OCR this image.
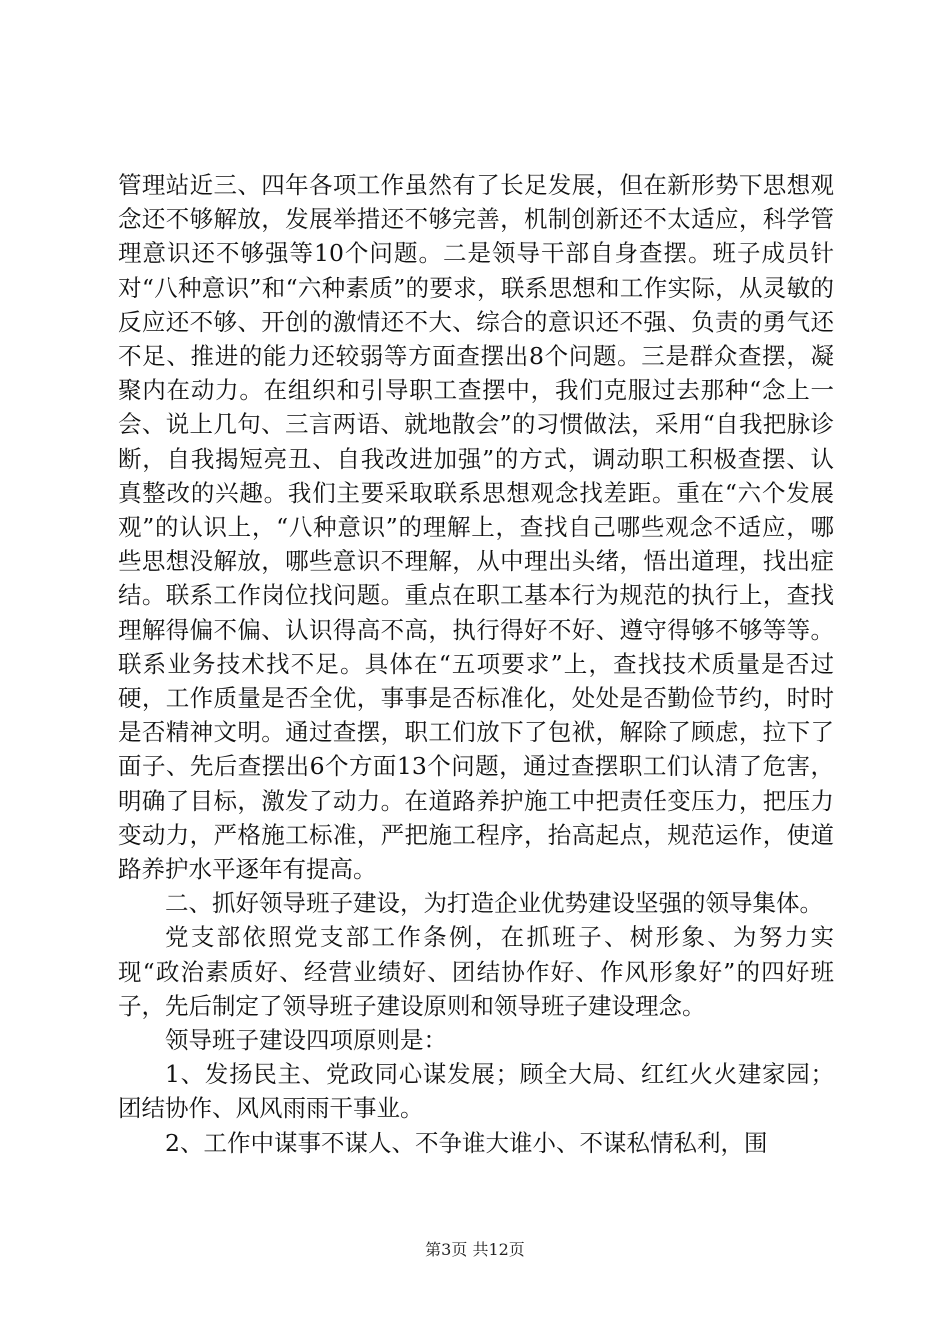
管理站近三、四年各项工作虽然有了长足发展，但在新形势下思想观念还不够解放，发展举措还不够完善，机制创新还不太适应，科学管理意识还不够强等10个问题。二是领导干部自身查摆。班子成员针对“八种意识”和“六种素质”的要求，联系思想和工作实际，从灵敏的反应还不够、开创的激情还不大、综合的意识还不强、负责的勇气还不足、推进的能力还较弱等方面查摆出8个问题。三是群众查摆，凝聚内在动力。在组织和引导职工查摆中，我们克服过去那种“念上一会、说上几句、三言两语、就地散会”的习惯做法，采用“自我把脉诊断，自我揭短亮丑、自我改进加强”的方式，调动职工积极查摆、认真整改的兴趣。我们主要采取联系思想观念找差距。重在“六个发展观”的认识上，“八种意识”的理解上，查找自己哪些观念不适应，哪些思想没解放，哪些意识不理解，从中理出头绪，悟出道理，找出症结。联系工作岗位找问题。重点在职工基本行为规范的执行上，查找理解得偏不偏、认识得高不高，执行得好不好、遵守得够不够等等。联系业务技术找不足。具体在“五项要求”上，查找技术质量是否过硬，工作质量是否全优，事事是否标准化，处处是否勤俭节约，时时是否精神文明。通过查摆，职工们放下了包袱，解除了顾虑，拉下了面子、先后查摆出6个方面13个问题，通过查摆职工们认清了危害，明确了目标，激发了动力。在道路养护施工中把责任变压力，把压力变动力，严格施工标准，严把施工程序，抬高起点，规范运作，使道路养护水平逐年有提高。

二、抓好领导班子建设，为打造企业优势建设坚强的领导集体。

党支部依照党支部工作条例，在抓班子、树形象、为努力实现“政治素质好、经营业绩好、团结协作好、作风形象好”的四好班子，先后制定了领导班子建设原则和领导班子建设理念。

领导班子建设四项原则是：

1、发扬民主、党政同心谋发展；顾全大局、红红火火建家园；团结协作、风风雨雨干事业。

2、工作中谋事不谋人、不争谁大谁小、不谋私情私利，围

第3页 共12页
